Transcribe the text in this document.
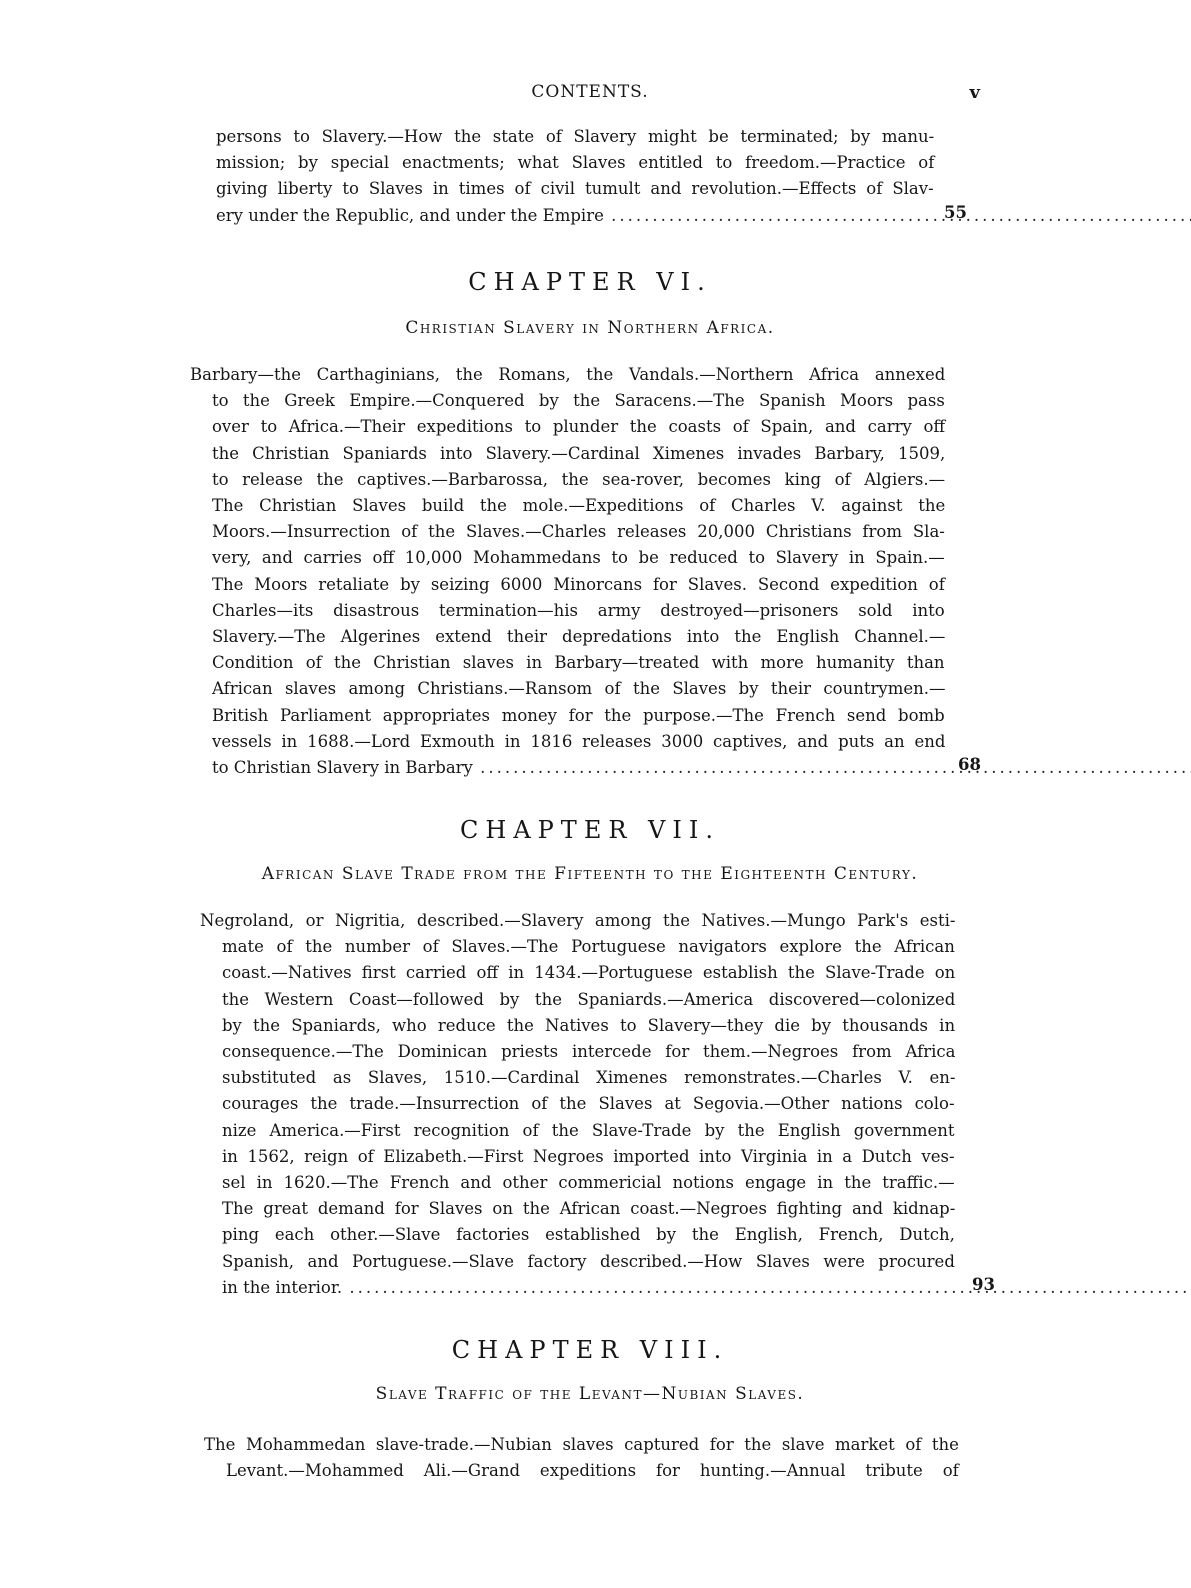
CONTENTS.	v
persons to Slavery.—How the state of Slavery might be terminated; by manu-
mission; by special enactments; what Slaves entitled to freedom.—Practice of
giving liberty to Slaves in times of civil tumult and revolution.—Effects of Slav-
ery under the Republic, and under the Empire .....	55
CHAPTER VI.
Christian Slavery in Northern Africa.
Barbary—the Carthaginians, the Romans, the Vandals.—Northern Africa annexed
to the Greek Empire.—Conquered by the Saracens.—The Spanish Moors pass
over to Africa.—Their expeditions to plunder the coasts of Spain, and carry off
the Christian Spaniards into Slavery.—Cardinal Ximenes invades Barbary, 1509,
to release the captives.—Barbarossa, the sea-rover, becomes king of Algiers.—
The Christian Slaves build the mole.—Expeditions of Charles V. against the
Moors.—Insurrection of the Slaves.—Charles releases 20,000 Christians from Sla-
very, and carries off 10,000 Mohammedans to be reduced to Slavery in Spain.—
The Moors retaliate by seizing 6000 Minorcans for Slaves. Second expedition of
Charles—its disastrous termination—his army destroyed—prisoners sold into
Slavery.—The Algerines extend their depredations into the English Channel.—
Condition of the Christian slaves in Barbary—treated with more humanity than
African slaves among Christians.—Ransom of the Slaves by their countrymen.—
British Parliament appropriates money for the purpose.—The French send bomb
vessels in 1688.—Lord Exmouth in 1816 releases 3000 captives, and puts an end
to Christian Slavery in Barbary .....	68
CHAPTER VII.
African Slave Trade from the Fifteenth to the Eighteenth Century.
Negroland, or Nigritia, described.—Slavery among the Natives.—Mungo Park's esti-
mate of the number of Slaves.—The Portuguese navigators explore the African
coast.—Natives first carried off in 1434.—Portuguese establish the Slave-Trade on
the Western Coast—followed by the Spaniards.—America discovered—colonized
by the Spaniards, who reduce the Natives to Slavery—they die by thousands in
consequence.—The Dominican priests intercede for them.—Negroes from Africa
substituted as Slaves, 1510.—Cardinal Ximenes remonstrates.—Charles V. en-
courages the trade.—Insurrection of the Slaves at Segovia.—Other nations colo-
nize America.—First recognition of the Slave-Trade by the English government
in 1562, reign of Elizabeth.—First Negroes imported into Virginia in a Dutch ves-
sel in 1620.—The French and other commericial notions engage in the traffic.—
The great demand for Slaves on the African coast.—Negroes fighting and kidnap-
ping each other.—Slave factories established by the English, French, Dutch,
Spanish, and Portuguese.—Slave factory described.—How Slaves were procured
in the interior. .....	93
CHAPTER VIII.
Slave Traffic of the Levant—Nubian Slaves.
The Mohammedan slave-trade.—Nubian slaves captured for the slave market of the
Levant.—Mohammed Ali.—Grand expeditions for hunting.—Annual tribute of
